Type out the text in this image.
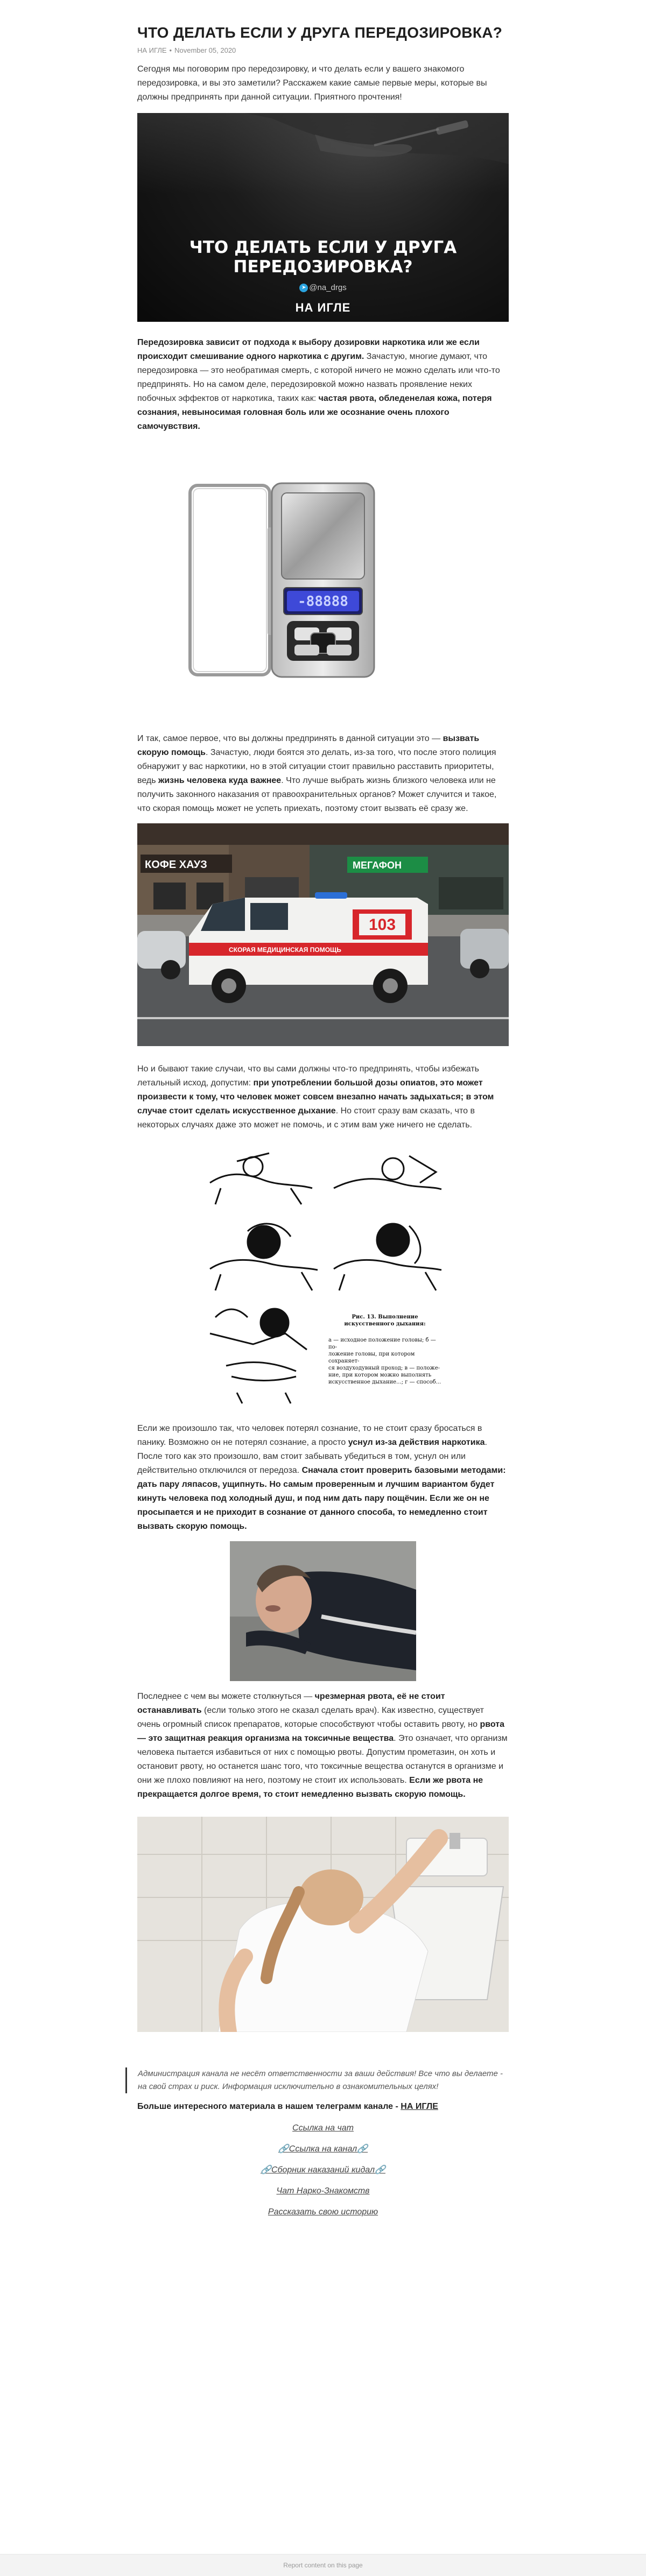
ЧТО ДЕЛАТЬ ЕСЛИ У ДРУГА ПЕРЕДОЗИРОВКА?
НА ИГЛЕ • November 05, 2020

Сегодня мы поговорим про передозировку, и что делать если у вашего знакомого передозировка, и вы это заметили? Расскажем какие самые первые меры, которые вы должны предпринять при данной ситуации. Приятного прочтения!

ЧТО ДЕЛАТЬ ЕСЛИ У ДРУГА
ПЕРЕДОЗИРОВКА?
➤ @na_drgs
НА ИГЛЕ

Передозировка зависит от подхода к выбору дозировки наркотика или же если происходит смешивание одного наркотика с другим. Зачастую, многие думают, что передозировка — это необратимая смерть, с которой ничего не можно сделать или что-то предпринять. Но на самом деле, передозировкой можно назвать проявление неких побочных эффектов от наркотика, таких как: частая рвота, обледенелая кожа, потеря сознания, невыносимая головная боль или же осознание очень плохого самочувствия.

-88888

И так, самое первое, что вы должны предпринять в данной ситуации это — вызвать скорую помощь. Зачастую, люди боятся это делать, из-за того, что после этого полиция обнаружит у вас наркотики, но в этой ситуации стоит правильно расставить приоритеты, ведь жизнь человека куда важнее. Что лучше выбрать жизнь близкого человека или не получить законного наказания от правоохранительных органов? Может случится и такое, что скорая помощь может не успеть приехать, поэтому стоит вызвать её сразу же.

КОФЕ ХАУЗ	МЕГАФОН
СКОРАЯ МЕДИЦИНСКАЯ ПОМОЩЬ
103

Но и бывают такие случаи, что вы сами должны что-то предпринять, чтобы избежать летальный исход, допустим: при употреблении большой дозы опиатов, это может произвести к тому, что человек может совсем внезапно начать задыхаться; в этом случае стоит сделать искусственное дыхание. Но стоит сразу вам сказать, что в некоторых случаях даже это может не помочь, и с этим вам уже ничего не сделать.

Рис. 13. Выполнение искусственного дыхания:

а — исходное положение головы; б — по-
ложение головы, при котором сохраняет-
ся воздуходувный проход; в — положе-
ние, при котором можно выполнять
искусственное дыхание...; г — способ...

Если же произошло так, что человек потерял сознание, то не стоит сразу бросаться в панику. Возможно он не потерял сознание, а просто уснул из-за действия наркотика. После того как это произошло, вам стоит забывать убедиться в том, уснул он или действительно отключился от передоза. Сначала стоит проверить базовыми методами: дать пару ляпасов, ущипнуть. Но самым проверенным и лучшим вариантом будет кинуть человека под холодный душ, и под ним дать пару пощёчин. Если же он не просыпается и не приходит в сознание от данного способа, то немедленно стоит вызвать скорую помощь.

Последнее с чем вы можете столкнуться — чрезмерная рвота, её не стоит останавливать (если только этого не сказал сделать врач). Как известно, существует очень огромный список препаратов, которые способствуют чтобы оставить рвоту, но рвота — это защитная реакция организма на токсичные вещества. Это означает, что организм человека пытается избавиться от них с помощью рвоты. Допустим прометазин, он хоть и остановит рвоту, но останется шанс того, что токсичные вещества останутся в организме и они же плохо повлияют на него, поэтому не стоит их использовать. Если же рвота не прекращается долгое время, то стоит немедленно вызвать скорую помощь.

Администрация канала не несёт ответственности за ваши действия! Все что вы делаете - на свой страх и риск. Информация исключительно в ознакомительных целях!
Больше интересного материала в нашем телеграмм канале - НА ИГЛЕ
Ссылка на чат
🔗Ссылка на канал🔗
🔗Сборник наказаний кидал🔗
Чат Нарко-Знакомств
Рассказать свою историю
Report content on this page
